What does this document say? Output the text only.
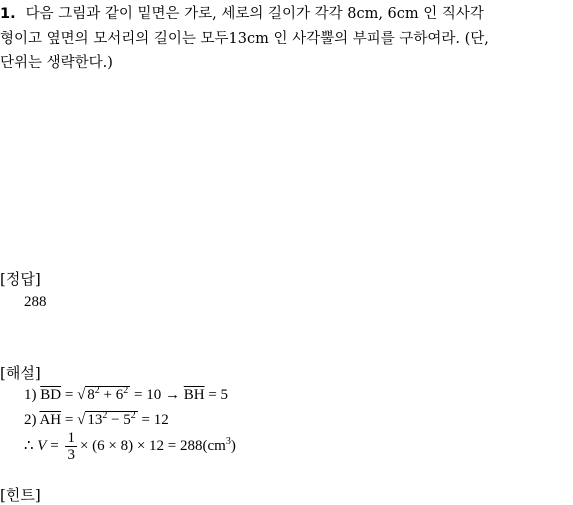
1. 다음 그림과 같이 밑면은 가로, 세로의 길이가 각각 8cm, 6cm 인 직사각
형이고 옆면의 모서리의 길이는 모두13cm 인 사각뿔의 부피를 구하여라. (단,
단위는 생략한다.)
[정답]
288
[해설]
1) $\overline{BD}$ = √ $8^2 + 6^2 = 10 \to \overline{BH} = 5$
2) $\overline{AH}$ = √ $13^2 - 5^2 = 12$
∴ $V = \frac{1}{3} \times (6 \times 8) \times 12 = 288(cm^3)$
[힌트]
